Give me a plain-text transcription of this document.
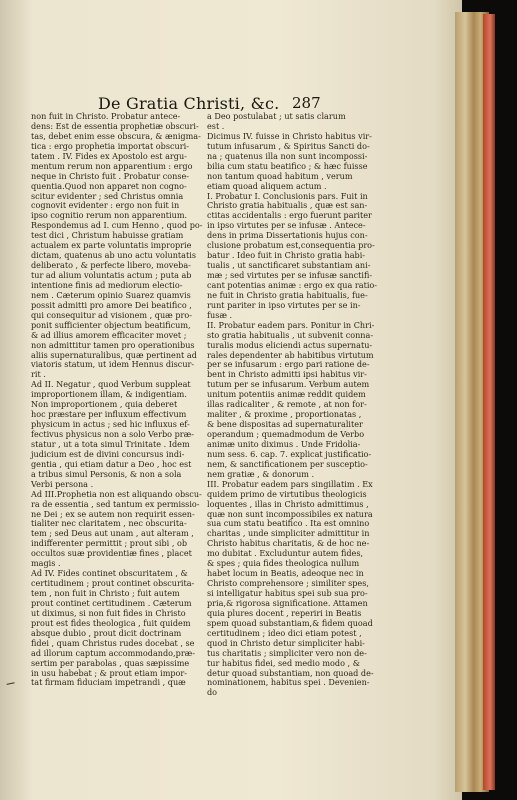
De Gratia Christi, &c. 287
non fuit in Christo. Probatur antece-
dens: Est de essentia prophetiæ obscuri-
tas, debet enim esse obscura, & ænigma-
tica : ergo prophetia importat obscuri-
tatem . IV. Fides ex Apostolo est argu-
mentum rerum non apparentium : ergo
neque in Christo fuit . Probatur conse-
quentia.Quod non apparet non cogno-
scitur evidenter ; sed Christus omnia
cognovit evidenter : ergo non fuit in
ipso cognitio rerum non apparentium.
Respondemus ad I. cum Henno , quod po-
test dici , Christum habuisse gratiam
actualem ex parte voluntatis improprie
dictam, quatenus ab uno actu voluntatis
deliberato , & perfecte libero, moveba-
tur ad alium voluntatis actum ; puta ab
intentione finis ad mediorum electio-
nem . Cæterum opinio Suarez quamvis
possit admitti pro amore Dei beatifico ,
qui consequitur ad visionem , quæ pro-
ponit sufficienter objectum beatificum,
& ad illius amorem efficaciter movet ;
non admittitur tamen pro operationibus
aliis supernaturalibus, quæ pertinent ad
viatoris statum, ut idem Hennus discur-
rit .
Ad II. Negatur , quod Verbum suppleat
improportionem illam, & indigentiam.
Non improportionem , quia deberet
hoc præstare per influxum effectivum
physicum in actus ; sed hic influxus ef-
fectivus physicus non a solo Verbo præ-
statur , ut a tota simul Trinitate . Idem
judicium est de divini concursus indi-
gentia , qui etiam datur a Deo , hoc est
a tribus simul Personis, & non a sola
Verbi persona .
Ad III.Prophetia non est aliquando obscu-
ra de essentia , sed tantum ex permissio-
ne Dei ; ex se autem non requirit essen-
tialiter nec claritatem , nec obscurita-
tem ; sed Deus aut unam , aut alteram ,
indifferenter permittit ; prout sibi , ob
occultos suæ providentiæ fines , placet
magis .
Ad IV. Fides continet obscuritatem , &
certitudinem ; prout continet obscurita-
tem , non fuit in Christo ; fuit autem
prout continet certitudinem . Cæterum
ut diximus, si non fuit fides in Christo
prout est fides theologica , fuit quidem
absque dubio , prout dicit doctrinam
fidei , quam Christus rudes docebat , se
ad illorum captum accommodando,præ-
sertim per parabolas , quas sæpissime
in usu habebat ; & prout etiam impor-
tat firmam fiduciam impetrandi , quæ
a Deo postulabat ; ut satis clarum
est .
Dicimus IV. fuisse in Christo habitus vir-
tutum infusarum , & Spiritus Sancti do-
na ; quatenus illa non sunt incompossi-
bilia cum statu beatifico ; & hæc fuisse
non tantum quoad habitum , verum
etiam quoad aliquem actum .
I. Probatur I. Conclusionis pars. Fuit in
Christo gratia habitualis , quæ est san-
ctitas accidentalis : ergo fuerunt pariter
in ipso virtutes per se infusæ . Antece-
dens in prima Dissertationis hujus con-
clusione probatum est,consequentia pro-
batur . Ideo fuit in Christo gratia habi-
tualis , ut sanctificaret substantiam ani-
mæ ; sed virtutes per se infusæ sanctifi-
cant potentias animæ : ergo ex qua ratio-
ne fuit in Christo gratia habitualis, fue-
runt pariter in ipso virtutes per se in-
fusæ .
II. Probatur eadem pars. Ponitur in Chri-
sto gratia habitualis , ut subvenit conna-
turalis modus eliciendi actus supernatu-
rales dependenter ab habitibus virtutum
per se infusarum : ergo pari ratione de-
bent in Christo admitti ipsi habitus vir-
tutum per se infusarum. Verbum autem
unitum potentiis animæ reddit quidem
illas radicaliter , & remote , at non for-
maliter , & proxime , proportionatas ,
& bene dispositas ad supernaturaliter
operandum ; quemadmodum de Verbo
animæ unito diximus . Unde Fridolia-
num sess. 6. cap. 7. explicat justificatio-
nem, & sanctificationem per susceptio-
nem gratiæ , & donorum .
III. Probatur eadem pars singillatim . Ex
quidem primo de virtutibus theologicis
loquentes , illas in Christo admittimus ,
quæ non sunt incompossibiles ex natura
sua cum statu beatifico . Ita est omnino
charitas , unde simpliciter admittitur in
Christo habitus charitatis, & de hoc ne-
mo dubitat . Excluduntur autem fides,
& spes ; quia fides theologica nullum
habet locum in Beatis, adeoque nec in
Christo comprehensore ; similiter spes,
si intelligatur habitus spei sub sua pro-
pria,& rigorosa significatione. Attamen
quia plures docent , reperiri in Beatis
spem quoad substantiam,& fidem quoad
certitudinem ; ideo dici etiam potest ,
quod in Christo detur simpliciter habi-
tus charitatis ; simpliciter vero non de-
tur habitus fidei, sed medio modo , &
detur quoad substantiam, non quoad de-
nominationem, habitus spei . Devenien-
do
